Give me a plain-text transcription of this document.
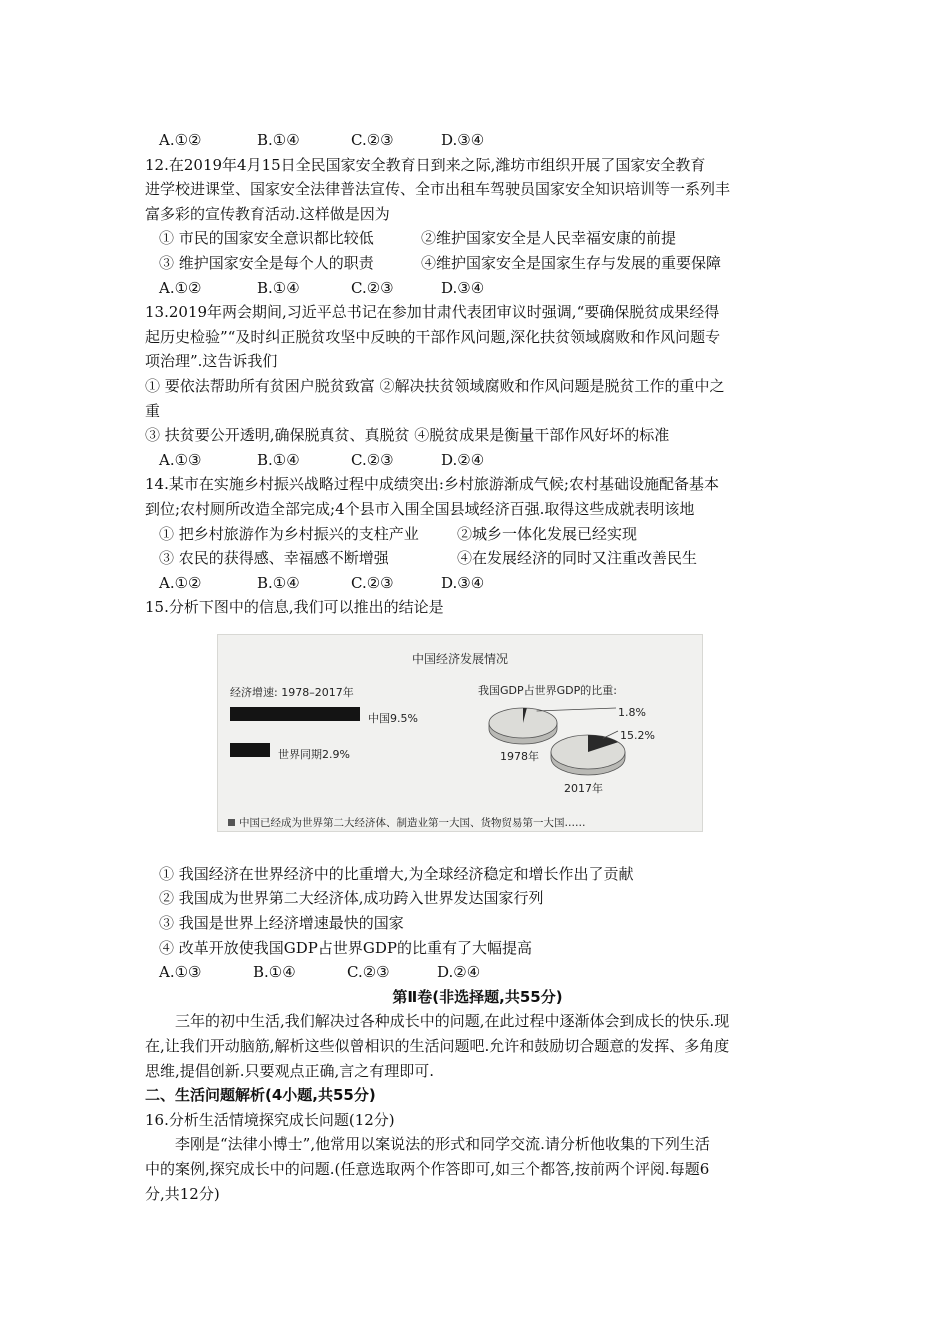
A.①②	B.①④	C.②③	D.③④
12.在2019年4月15日全民国家安全教育日到来之际,潍坊市组织开展了国家安全教育
进学校进课堂、国家安全法律普法宣传、全市出租车驾驶员国家安全知识培训等一系列丰
富多彩的宣传教育活动.这样做是因为
① 市民的国家安全意识都比较低	②维护国家安全是人民幸福安康的前提
③ 维护国家安全是每个人的职责	④维护国家安全是国家生存与发展的重要保障
A.①②	B.①④	C.②③	D.③④
13.2019年两会期间,习近平总书记在参加甘肃代表团审议时强调,“要确保脱贫成果经得
起历史检验”“及时纠正脱贫攻坚中反映的干部作风问题,深化扶贫领域腐败和作风问题专
项治理”.这告诉我们
① 要依法帮助所有贫困户脱贫致富 ②解决扶贫领域腐败和作风问题是脱贫工作的重中之
重
③ 扶贫要公开透明,确保脱真贫、真脱贫 ④脱贫成果是衡量干部作风好坏的标准
A.①③	B.①④	C.②③	D.②④
14.某市在实施乡村振兴战略过程中成绩突出:乡村旅游渐成气候;农村基础设施配备基本
到位;农村厕所改造全部完成;4个县市入围全国县域经济百强.取得这些成就表明该地
① 把乡村旅游作为乡村振兴的支柱产业	②城乡一体化发展已经实现
③ 农民的获得感、幸福感不断增强	④在发展经济的同时又注重改善民生
A.①②	B.①④	C.②③	D.③④
15.分析下图中的信息,我们可以推出的结论是
中国经济发展情况
经济增速: 1978–2017年
中国9.5%
世界同期2.9%
我国GDP占世界GDP的比重:
1.8%
15.2%
1978年
2017年
中国已经成为世界第二大经济体、制造业第一大国、货物贸易第一大国……
① 我国经济在世界经济中的比重增大,为全球经济稳定和增长作出了贡献
② 我国成为世界第二大经济体,成功跨入世界发达国家行列
③ 我国是世界上经济增速最快的国家
④ 改革开放使我国GDP占世界GDP的比重有了大幅提高
A.①③	B.①④	C.②③	D.②④
第Ⅱ卷(非选择题,共55分)
三年的初中生活,我们解决过各种成长中的问题,在此过程中逐渐体会到成长的快乐.现
在,让我们开动脑筋,解析这些似曾相识的生活问题吧.允许和鼓励切合题意的发挥、多角度
思维,提倡创新.只要观点正确,言之有理即可.
二、生活问题解析(4小题,共55分)
16.分析生活情境探究成长问题(12分)
李刚是“法律小博士”,他常用以案说法的形式和同学交流.请分析他收集的下列生活
中的案例,探究成长中的问题.(任意选取两个作答即可,如三个都答,按前两个评阅.每题6
分,共12分)
